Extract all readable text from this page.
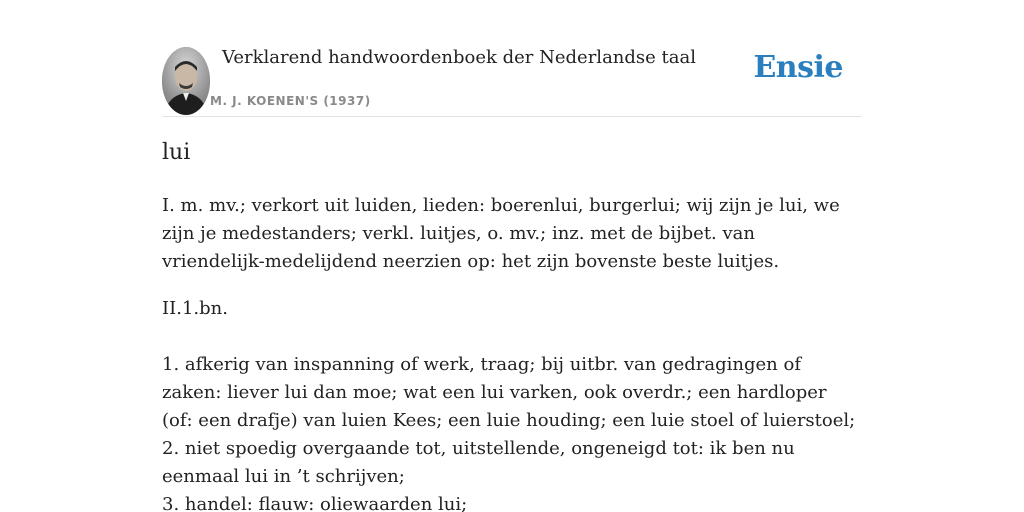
Verklarend handwoordenboek der Nederlandse taal
M. J. KOENEN'S (1937)
Ensie
lui

I. m. mv.; verkort uit luiden, lieden: boerenlui, burgerlui; wij zijn je lui, we zijn je medestanders; verkl. luitjes, o. mv.; inz. met de bijbet. van vriendelijk-medelijdend neerzien op: het zijn bovenste beste luitjes.

II.1.bn.

1. afkerig van inspanning of werk, traag; bij uitbr. van gedragingen of zaken: liever lui dan moe; wat een lui varken, ook overdr.; een hardloper (of: een drafje) van luien Kees; een luie houding; een luie stoel of luierstoel;

2. niet spoedig overgaande tot, uitstellende, ongeneigd tot: ik ben nu eenmaal lui in ’t schrijven;

3. handel: flauw: oliewaarden lui;
